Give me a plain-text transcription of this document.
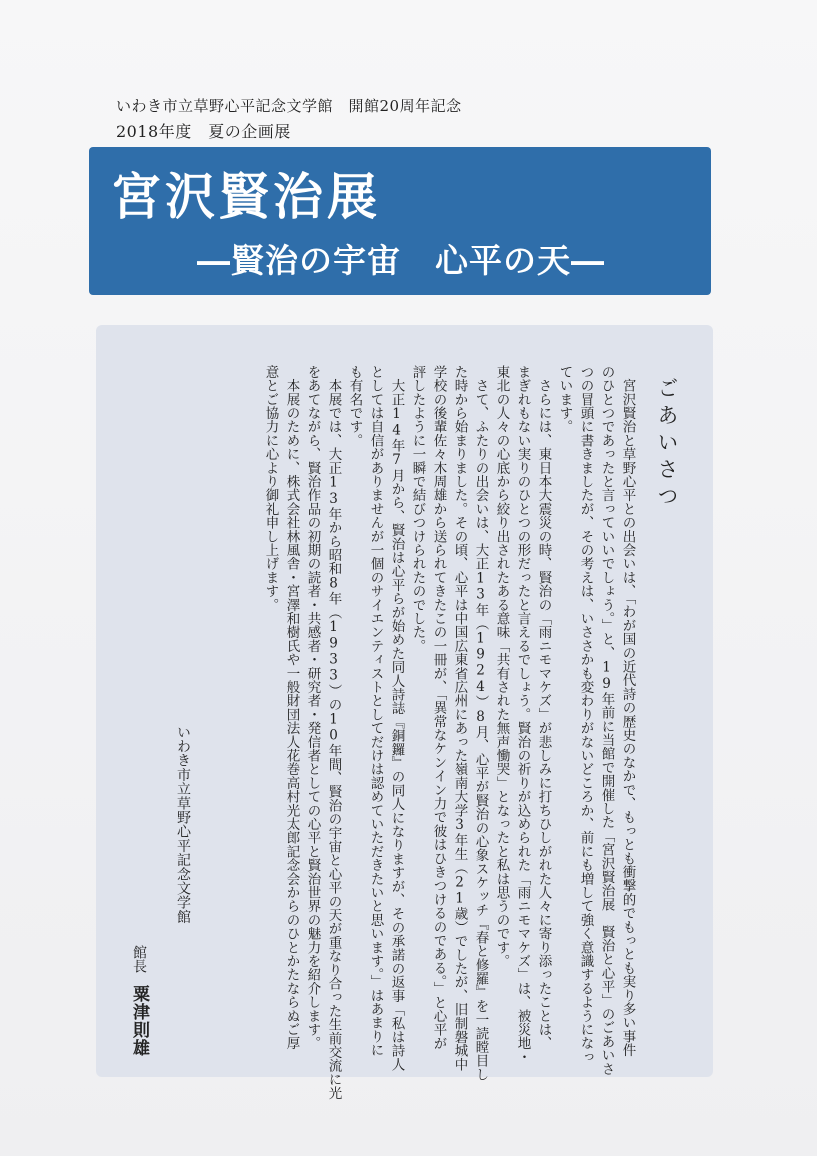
いわき市立草野心平記念文学館　開館20周年記念
2018年度　夏の企画展
宮沢賢治展
―賢治の宇宙　心平の天―
ごあいさつ
　宮沢賢治と草野心平との出会いは、「わが国の近代詩の歴史のなかで、もっとも衝撃的でもっとも実り多い事件
のひとつであったと言っていいでしょう。」と、19年前に当館で開催した「宮沢賢治展　賢治と心平」のごあいさ
つの冒頭に書きましたが、その考えは、いささかも変わりがないどころか、前にも増して強く意識するようになっ
ています。
　さらには、東日本大震災の時、賢治の「雨ニモマケズ」が悲しみに打ちひしがれた人々に寄り添ったことは、
まぎれもない実りのひとつの形だったと言えるでしょう。賢治の祈りが込められた「雨ニモマケズ」は、被災地・
東北の人々の心底から絞り出されたある意味「共有された無声慟哭」となったと私は思うのです。
　さて、ふたりの出会いは、大正13年（1924）8月、心平が賢治の心象スケッチ『春と修羅』を一読瞠目し
た時から始まりました。その頃、心平は中国広東省広州にあった嶺南大学3年生（21歳）でしたが、旧制磐城中
学校の後輩佐々木周雄から送られてきたこの一冊が、「異常なケンイン力で彼はひきつけるのである。」と心平が
評したように一瞬で結びつけられたのでした。
　大正14年7月から、賢治は心平らが始めた同人詩誌『銅鑼』の同人になりますが、その承諾の返事「私は詩人
としては自信がありませんが一個のサイエンティストとしてだけは認めていただきたいと思います。」はあまりに
も有名です。
　本展では、大正13年から昭和8年（1933）の10年間、賢治の宇宙と心平の天が重なり合った生前交流に光
をあてながら、賢治作品の初期の読者・共感者・研究者・発信者としての心平と賢治世界の魅力を紹介します。
　本展のために、株式会社林風舎・宮澤和樹氏や一般財団法人花巻高村光太郎記念会からのひとかたならぬご厚
意とご協力に心より御礼申し上げます。
いわき市立草野心平記念文学館
館長
粟津則雄
